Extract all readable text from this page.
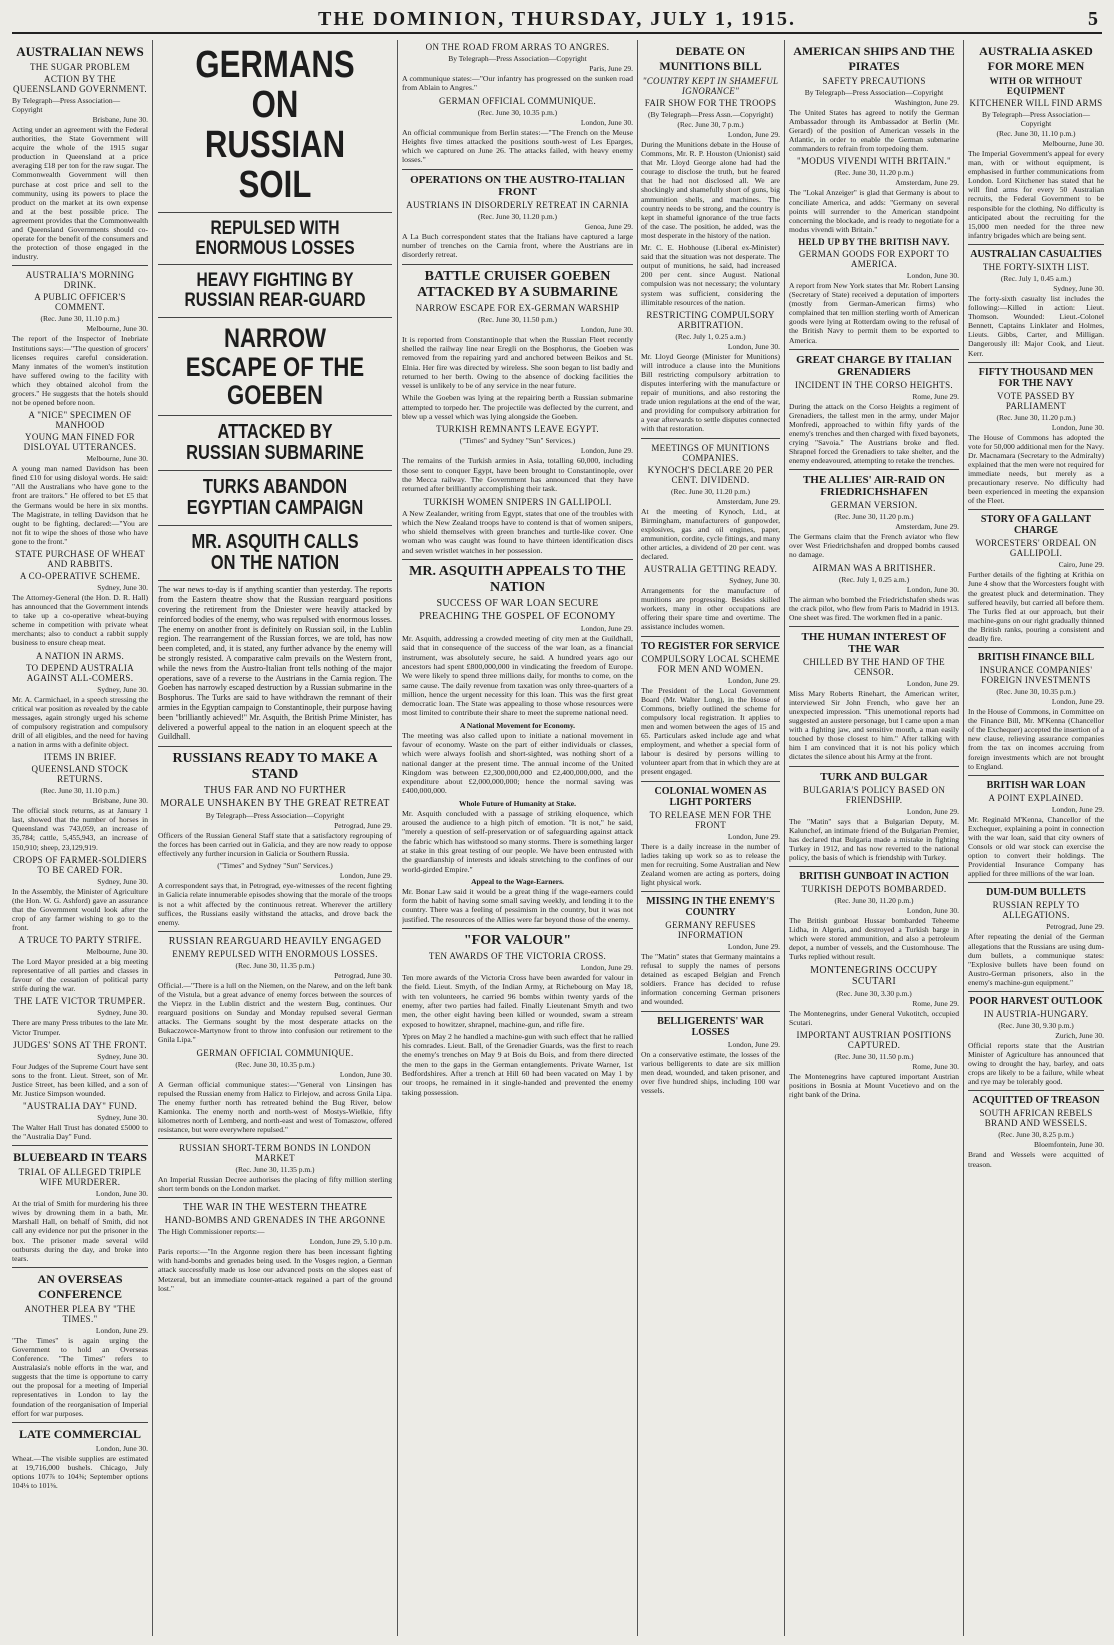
THE DOMINION, THURSDAY, JULY 1, 1915.	5
AUSTRALIAN NEWS
THE SUGAR PROBLEM
ACTION BY THE QUEENSLAND GOVERNMENT.
By Telegraph—Press Association—Copyright
Brisbane, June 30.
Acting under an agreement with the Federal authorities, the State Government will acquire the whole of the 1915 sugar production in Queensland at a price averaging £18 per ton for the raw sugar. The Commonwealth Government will then purchase at cost price and sell to the community, using its powers to place the product on the market at its own expense and at the best possible price. The agreement provides that the Commonwealth and Queensland Governments should co-operate for the benefit of the consumers and the protection of those engaged in the industry.
AUSTRALIA'S MORNING DRINK.
A PUBLIC OFFICER'S COMMENT.
(Rec. June 30, 11.10 p.m.)
Melbourne, June 30.
The report of the Inspector of Inebriate Institutions says:—"The question of grocers' licenses requires careful consideration. Many inmates of the women's institution have suffered owing to the facility with which they obtained alcohol from the grocers." He suggests that the hotels should not be opened before noon.
A "NICE" SPECIMEN OF MANHOOD
YOUNG MAN FINED FOR DISLOYAL UTTERANCES.
Melbourne, June 30.
A young man named Davidson has been fined £10 for using disloyal words. He said: "All the Australians who have gone to the front are traitors." He offered to bet £5 that the Germans would be here in six months. The Magistrate, in telling Davidson that he ought to be fighting, declared:—"You are not fit to wipe the shoes of those who have gone to the front."
STATE PURCHASE OF WHEAT AND RABBITS.
A CO-OPERATIVE SCHEME.
Sydney, June 30.
The Attorney-General (the Hon. D. R. Hall) has announced that the Government intends to take up a co-operative wheat-buying scheme in competition with private wheat merchants; also to conduct a rabbit supply business to ensure cheap meat.
A NATION IN ARMS.
TO DEPEND AUSTRALIA AGAINST ALL-COMERS.
Sydney, June 30.
Mr. A. Carmichael, in a speech stressing the critical war position as revealed by the cable messages, again strongly urged his scheme of compulsory registration and compulsory drill of all eligibles, and the need for having a nation in arms with a definite object.
ITEMS IN BRIEF.
QUEENSLAND STOCK RETURNS.
(Rec. June 30, 11.10 p.m.)
Brisbane, June 30.
The official stock returns, as at January 1 last, showed that the number of horses in Queensland was 743,059, an increase of 35,784; cattle, 5,455,943, an increase of 150,910; sheep, 23,129,919.
CROPS OF FARMER-SOLDIERS TO BE CARED FOR.
Sydney, June 30.
In the Assembly, the Minister of Agriculture (the Hon. W. G. Ashford) gave an assurance that the Government would look after the crop of any farmer wishing to go to the front.
A TRUCE TO PARTY STRIFE.
Melbourne, June 30.
The Lord Mayor presided at a big meeting representative of all parties and classes in favour of the cessation of political party strife during the war.
THE LATE VICTOR TRUMPER.
Sydney, June 30.
There are many Press tributes to the late Mr. Victor Trumper.
JUDGES' SONS AT THE FRONT.
Sydney, June 30.
Four Judges of the Supreme Court have sent sons to the front. Lieut. Street, son of Mr. Justice Street, has been killed, and a son of Mr. Justice Simpson wounded.
"AUSTRALIA DAY" FUND.
Sydney, June 30.
The Walter Hall Trust has donated £5000 to the "Australia Day" Fund.
BLUEBEARD IN TEARS
TRIAL OF ALLEGED TRIPLE WIFE MURDERER.
London, June 30.
At the trial of Smith for murdering his three wives by drowning them in a bath, Mr. Marshall Hall, on behalf of Smith, did not call any evidence nor put the prisoner in the box. The prisoner made several wild outbursts during the day, and broke into tears.
AN OVERSEAS CONFERENCE
ANOTHER PLEA BY "THE TIMES."
London, June 29.
"The Times" is again urging the Government to hold an Overseas Conference. "The Times" refers to Australasia's noble efforts in the war, and suggests that the time is opportune to carry out the proposal for a meeting of Imperial representatives in London to lay the foundation of the reorganisation of Imperial effort for war purposes.
LATE COMMERCIAL
London, June 30.
Wheat.—The visible supplies are estimated at 19,716,000 bushels. Chicago, July options 107⅞ to 104⅜; September options 104⅛ to 101⅜.
GERMANS ON RUSSIAN SOIL
REPULSED WITH ENORMOUS LOSSES
HEAVY FIGHTING BY RUSSIAN REAR-GUARD
NARROW ESCAPE OF THE GOEBEN
ATTACKED BY RUSSIAN SUBMARINE
TURKS ABANDON EGYPTIAN CAMPAIGN
MR. ASQUITH CALLS ON THE NATION
The war news to-day is if anything scantier than yesterday. The reports from the Eastern theatre show that the Russian rearguard positions covering the retirement from the Dniester were heavily attacked by reinforced bodies of the enemy, who was repulsed with enormous losses. The enemy on another front is definitely on Russian soil, in the Lublin region. The rearrangement of the Russian forces, we are told, has now been completed, and, it is stated, any further advance by the enemy will be strongly resisted. A comparative calm prevails on the Western front, while the news from the Austro-Italian front tells nothing of the major operations, save of a reverse to the Austrians in the Carnia region. The Goeben has narrowly escaped destruction by a Russian submarine in the Bosphorus. The Turks are said to have withdrawn the remnant of their armies in the Egyptian campaign to Constantinople, their purpose having been "brilliantly achieved!" Mr. Asquith, the British Prime Minister, has delivered a powerful appeal to the nation in an eloquent speech at the Guildhall.
RUSSIANS READY TO MAKE A STAND
THUS FAR AND NO FURTHER
MORALE UNSHAKEN BY THE GREAT RETREAT
By Telegraph—Press Association—Copyright
Petrograd, June 29.
Officers of the Russian General Staff state that a satisfactory regrouping of the forces has been carried out in Galicia, and they are now ready to oppose effectively any further incursion in Galicia or Southern Russia.
("Times" and Sydney "Sun" Services.)
London, June 29.
A correspondent says that, in Petrograd, eye-witnesses of the recent fighting in Galicia relate innumerable episodes showing that the morale of the troops is not a whit affected by the continuous retreat. Wherever the artillery suffices, the Russians easily withstand the attacks, and drove back the enemy.
RUSSIAN REARGUARD HEAVILY ENGAGED
ENEMY REPULSED WITH ENORMOUS LOSSES.
(Rec. June 30, 11.35 p.m.)
Petrograd, June 30.
Official.—"There is a lull on the Niemen, on the Narew, and on the left bank of the Vistula, but a great advance of enemy forces between the sources of the Vieprz in the Lublin district and the western Bug, continues. Our rearguard positions on Sunday and Monday repulsed several German attacks. The Germans sought by the most desperate attacks on the Bukaczowce-Martynow front to throw into confusion our retirement to the Gnila Lipa."
GERMAN OFFICIAL COMMUNIQUE.
(Rec. June 30, 10.35 p.m.)
London, June 30.
A German official communique states:—"General von Linsingen has repulsed the Russian enemy from Halicz to Firlejow, and across Gnila Lipa. The enemy further north has retreated behind the Bug River, below Kamionka. The enemy north and north-west of Mostys-Wielkie, fifty kilometres north of Lemberg, and north-east and west of Tomaszow, offered resistance, but were everywhere repulsed."
RUSSIAN SHORT-TERM BONDS IN LONDON MARKET
(Rec. June 30, 11.35 p.m.)
An Imperial Russian Decree authorises the placing of fifty million sterling short term bonds on the London market.
THE WAR IN THE WESTERN THEATRE
HAND-BOMBS AND GRENADES IN THE ARGONNE
The High Commissioner reports:—
London, June 29, 5.10 p.m.
Paris reports:—"In the Argonne region there has been incessant fighting with hand-bombs and grenades being used. In the Vosges region, a German attack successfully made us lose our advanced posts on the slopes east of Metzeral, but an immediate counter-attack regained a part of the ground lost."
ON THE ROAD FROM ARRAS TO ANGRES.
By Telegraph—Press Association—Copyright
Paris, June 29.
A communique states:—"Our infantry has progressed on the sunken road from Ablain to Angres."
GERMAN OFFICIAL COMMUNIQUE.
(Rec. June 30, 10.35 p.m.)
London, June 30.
An official communique from Berlin states:—"The French on the Meuse Heights five times attacked the positions south-west of Les Eparges, which we captured on June 26. The attacks failed, with heavy enemy losses."
OPERATIONS ON THE AUSTRO-ITALIAN FRONT
AUSTRIANS IN DISORDERLY RETREAT IN CARNIA
(Rec. June 30, 11.20 p.m.)
Genoa, June 29.
A La Buch correspondent states that the Italians have captured a large number of trenches on the Carnia front, where the Austrians are in disorderly retreat.
BATTLE CRUISER GOEBEN ATTACKED BY A SUBMARINE
NARROW ESCAPE FOR EX-GERMAN WARSHIP
(Rec. June 30, 11.50 p.m.)
London, June 30.
It is reported from Constantinople that when the Russian Fleet recently shelled the railway line near Eregli on the Bosphorus, the Goeben was removed from the repairing yard and anchored between Beikos and St. Elnia. Her fire was directed by wireless. She soon began to list badly and returned to her berth. Owing to the absence of docking facilities the vessel is unlikely to be of any service in the near future.
While the Goeben was lying at the repairing berth a Russian submarine attempted to torpedo her. The projectile was deflected by the current, and blew up a vessel which was lying alongside the Goeben.
TURKISH REMNANTS LEAVE EGYPT.
("Times" and Sydney "Sun" Services.)
London, June 29.
The remains of the Turkish armies in Asia, totalling 60,000, including those sent to conquer Egypt, have been brought to Constantinople, over the Mecca railway. The Government has announced that they have returned after brilliantly accomplishing their task.
TURKISH WOMEN SNIPERS IN GALLIPOLI.
A New Zealander, writing from Egypt, states that one of the troubles with which the New Zealand troops have to contend is that of women snipers, who shield themselves with green branches and turtle-like cover. One woman who was caught was found to have thirteen identification discs and seven wristlet watches in her possession.
MR. ASQUITH APPEALS TO THE NATION
SUCCESS OF WAR LOAN SECURE
PREACHING THE GOSPEL OF ECONOMY
London, June 29.
Mr. Asquith, addressing a crowded meeting of city men at the Guildhall, said that in consequence of the success of the war loan, as a financial instrument, was absolutely secure, he said. A hundred years ago our ancestors had spent £800,000,000 in vindicating the freedom of Europe. We were likely to spend three millions daily, for months to come, on the same cause. The daily revenue from taxation was only three-quarters of a million, hence the urgent necessity for this loan. This was the first great democratic loan. The State was appealing to those whose resources were most limited to contribute their share to meet the supreme national need.
A National Movement for Economy.
The meeting was also called upon to initiate a national movement in favour of economy. Waste on the part of either individuals or classes, which were always foolish and short-sighted, was nothing short of a national danger at the present time. The annual income of the United Kingdom was between £2,300,000,000 and £2,400,000,000, and the expenditure about £2,000,000,000; hence the normal saving was £400,000,000.
Whole Future of Humanity at Stake.
Mr. Asquith concluded with a passage of striking eloquence, which aroused the audience to a high pitch of emotion. "It is not," he said, "merely a question of self-preservation or of safeguarding against attack the fabric which has withstood so many storms. There is something larger at stake in this great testing of our people. We have been entrusted with the guardianship of interests and ideals stretching to the confines of our world-girded Empire."
Appeal to the Wage-Earners.
Mr. Bonar Law said it would be a great thing if the wage-earners could form the habit of having some small saving weekly, and lending it to the country. There was a feeling of pessimism in the country, but it was not justified. The resources of the Allies were far beyond those of the enemy.
"FOR VALOUR"
TEN AWARDS OF THE VICTORIA CROSS.
London, June 29.
Ten more awards of the Victoria Cross have been awarded for valour in the field. Lieut. Smyth, of the Indian Army, at Richebourg on May 18, with ten volunteers, he carried 96 bombs within twenty yards of the enemy, after two parties had failed. Finally Lieutenant Smyth and two men, the other eight having been killed or wounded, swam a stream exposed to howitzer, shrapnel, machine-gun, and rifle fire.
Ypres on May 2 he handled a machine-gun with such effect that he rallied his comrades. Lieut. Ball, of the Grenadier Guards, was the first to reach the enemy's trenches on May 9 at Bois du Bois, and from there directed the men to the gaps in the German entanglements. Private Warner, 1st Bedfordshires. After a trench at Hill 60 had been vacated on May 1 by our troops, he remained in it single-handed and prevented the enemy taking possession.
DEBATE ON MUNITIONS BILL
"COUNTRY KEPT IN SHAMEFUL IGNORANCE"
FAIR SHOW FOR THE TROOPS
(By Telegraph—Press Assn.—Copyright)
(Rec. June 30, 7 p.m.)
London, June 29.
During the Munitions debate in the House of Commons, Mr. R. P. Houston (Unionist) said that Mr. Lloyd George alone had had the courage to disclose the truth, but he feared that he had not disclosed all. We are shockingly and shamefully short of guns, big ammunition shells, and machines. The country needs to be strong, and the country is kept in shameful ignorance of the true facts of the case. The position, he added, was the most desperate in the history of the nation.
Mr. C. E. Hobhouse (Liberal ex-Minister) said that the situation was not desperate. The output of munitions, he said, had increased 200 per cent. since August. National compulsion was not necessary; the voluntary system was sufficient, considering the illimitable resources of the nation.
RESTRICTING COMPULSORY ARBITRATION.
(Rec. July 1, 0.25 a.m.)
London, June 30.
Mr. Lloyd George (Minister for Munitions) will introduce a clause into the Munitions Bill restricting compulsory arbitration to disputes interfering with the manufacture or repair of munitions, and also restoring the trade union regulations at the end of the war, and providing for compulsory arbitration for a year afterwards to settle disputes connected with that restoration.
MEETINGS OF MUNITIONS COMPANIES.
KYNOCH'S DECLARE 20 PER CENT. DIVIDEND.
(Rec. June 30, 11.20 p.m.)
Amsterdam, June 29.
At the meeting of Kynoch, Ltd., at Birmingham, manufacturers of gunpowder, explosives, gas and oil engines, paper, ammunition, cordite, cycle fittings, and many other articles, a dividend of 20 per cent. was declared.
AUSTRALIA GETTING READY.
Sydney, June 30.
Arrangements for the manufacture of munitions are progressing. Besides skilled workers, many in other occupations are offering their spare time and overtime. The assistance includes women.
TO REGISTER FOR SERVICE
COMPULSORY LOCAL SCHEME FOR MEN AND WOMEN.
London, June 29.
The President of the Local Government Board (Mr. Walter Long), in the House of Commons, briefly outlined the scheme for compulsory local registration. It applies to men and women between the ages of 15 and 65. Particulars asked include age and what employment, and whether a special form of labour is desired by persons willing to volunteer apart from that in which they are at present engaged.
COLONIAL WOMEN AS LIGHT PORTERS
TO RELEASE MEN FOR THE FRONT
London, June 29.
There is a daily increase in the number of ladies taking up work so as to release the men for recruiting. Some Australian and New Zealand women are acting as porters, doing light physical work.
MISSING IN THE ENEMY'S COUNTRY
GERMANY REFUSES INFORMATION
London, June 29.
The "Matin" states that Germany maintains a refusal to supply the names of persons detained as escaped Belgian and French soldiers. France has decided to refuse information concerning German prisoners and wounded.
BELLIGERENTS' WAR LOSSES
London, June 29.
On a conservative estimate, the losses of the various belligerents to date are six million men dead, wounded, and taken prisoner, and over five hundred ships, including 100 war vessels.
AMERICAN SHIPS AND THE PIRATES
SAFETY PRECAUTIONS
By Telegraph—Press Association—Copyright
Washington, June 29.
The United States has agreed to notify the German Ambassador through its Ambassador at Berlin (Mr. Gerard) of the position of American vessels in the Atlantic, in order to enable the German submarine commanders to refrain from torpedoing them.
"MODUS VIVENDI WITH BRITAIN."
(Rec. June 30, 11.20 p.m.)
Amsterdam, June 29.
The "Lokal Anzeiger" is glad that Germany is about to conciliate America, and adds: "Germany on several points will surrender to the American standpoint concerning the blockade, and is ready to negotiate for a modus vivendi with Britain."
HELD UP BY THE BRITISH NAVY.
GERMAN GOODS FOR EXPORT TO AMERICA.
London, June 30.
A report from New York states that Mr. Robert Lansing (Secretary of State) received a deputation of importers (mostly from German-American firms) who complained that ten million sterling worth of American goods were lying at Rotterdam owing to the refusal of the British Navy to permit them to be exported to America.
GREAT CHARGE BY ITALIAN GRENADIERS
INCIDENT IN THE CORSO HEIGHTS.
Rome, June 29.
During the attack on the Corso Heights a regiment of Grenadiers, the tallest men in the army, under Major Monfredi, approached to within fifty yards of the enemy's trenches and then charged with fixed bayonets, crying "Savoia." The Austrians broke and fled. Shrapnel forced the Grenadiers to take shelter, and the enemy endeavoured, attempting to retake the trenches.
THE ALLIES' AIR-RAID ON FRIEDRICHSHAFEN
GERMAN VERSION.
(Rec. June 30, 11.20 p.m.)
Amsterdam, June 29.
The Germans claim that the French aviator who flew over West Friedrichshafen and dropped bombs caused no damage.
AIRMAN WAS A BRITISHER.
(Rec. July 1, 0.25 a.m.)
London, June 30.
The airman who bombed the Friedrichshafen sheds was the crack pilot, who flew from Paris to Madrid in 1913. One sheet was fired. The workmen fled in a panic.
THE HUMAN INTEREST OF THE WAR
CHILLED BY THE HAND OF THE CENSOR.
London, June 29.
Miss Mary Roberts Rinehart, the American writer, interviewed Sir John French, who gave her an unexpected impression. "This unemotional reports had suggested an austere personage, but I came upon a man with a fighting jaw, and sensitive mouth, a man easily touched by those closest to him." After talking with him I am convinced that it is not his policy which dictates the silence about his Army at the front.
TURK AND BULGAR
BULGARIA'S POLICY BASED ON FRIENDSHIP.
London, June 29.
The "Matin" says that a Bulgarian Deputy, M. Kalunchef, an intimate friend of the Bulgarian Premier, has declared that Bulgaria made a mistake in fighting Turkey in 1912, and has now reverted to the national policy, the basis of which is friendship with Turkey.
BRITISH GUNBOAT IN ACTION
TURKISH DEPOTS BOMBARDED.
(Rec. June 30, 11.20 p.m.)
London, June 30.
The British gunboat Hussar bombarded Teheeme Lidha, in Algeria, and destroyed a Turkish barge in which were stored ammunition, and also a petroleum depot, a number of vessels, and the Customhouse. The Turks replied without result.
MONTENEGRINS OCCUPY SCUTARI
(Rec. June 30, 3.30 p.m.)
Rome, June 29.
The Montenegrins, under General Vukotitch, occupied Scutari.
IMPORTANT AUSTRIAN POSITIONS CAPTURED.
(Rec. June 30, 11.50 p.m.)
Rome, June 30.
The Montenegrins have captured important Austrian positions in Bosnia at Mount Vucetievo and on the right bank of the Drina.
AUSTRALIA ASKED FOR MORE MEN
WITH OR WITHOUT EQUIPMENT
KITCHENER WILL FIND ARMS
By Telegraph—Press Association—Copyright
(Rec. June 30, 11.10 p.m.)
Melbourne, June 30.
The Imperial Government's appeal for every man, with or without equipment, is emphasised in further communications from London. Lord Kitchener has stated that he will find arms for every 50 Australian recruits, the Federal Government to be responsible for the clothing. No difficulty is anticipated about the recruiting for the 15,000 men needed for the three new infantry brigades which are being sent.
AUSTRALIAN CASUALTIES
THE FORTY-SIXTH LIST.
(Rec. July 1, 0.45 a.m.)
Sydney, June 30.
The forty-sixth casualty list includes the following:—Killed in action: Lieut. Thomson. Wounded: Lieut.-Colonel Bennett, Captains Linklater and Holmes, Lieuts. Gibbs, Carter, and Milligan. Dangerously ill: Major Cook, and Lieut. Kerr.
FIFTY THOUSAND MEN FOR THE NAVY
VOTE PASSED BY PARLIAMENT
(Rec. June 30, 11.20 p.m.)
London, June 30.
The House of Commons has adopted the vote for 50,000 additional men for the Navy. Dr. Macnamara (Secretary to the Admiralty) explained that the men were not required for immediate needs, but merely as a precautionary reserve. No difficulty had been experienced in meeting the expansion of the Fleet.
STORY OF A GALLANT CHARGE
WORCESTERS' ORDEAL ON GALLIPOLI.
Cairo, June 29.
Further details of the fighting at Krithia on June 4 show that the Worcesters fought with the greatest pluck and determination. They suffered heavily, but carried all before them. The Turks fled at our approach, but their machine-guns on our right gradually thinned the British ranks, pouring a consistent and deadly fire.
BRITISH FINANCE BILL
INSURANCE COMPANIES' FOREIGN INVESTMENTS
(Rec. June 30, 10.35 p.m.)
London, June 29.
In the House of Commons, in Committee on the Finance Bill, Mr. M'Kenna (Chancellor of the Exchequer) accepted the insertion of a new clause, relieving assurance companies from the tax on incomes accruing from foreign investments which are not brought to England.
BRITISH WAR LOAN
A POINT EXPLAINED.
London, June 29.
Mr. Reginald M'Kenna, Chancellor of the Exchequer, explaining a point in connection with the war loan, said that city owners of Consols or old war stock can exercise the option to convert their holdings. The Providential Insurance Company has applied for three millions of the war loan.
DUM-DUM BULLETS
RUSSIAN REPLY TO ALLEGATIONS.
Petrograd, June 29.
After repeating the denial of the German allegations that the Russians are using dum-dum bullets, a communique states: "Explosive bullets have been found on Austro-German prisoners, also in the enemy's machine-gun equipment."
POOR HARVEST OUTLOOK
IN AUSTRIA-HUNGARY.
(Rec. June 30, 9.30 p.m.)
Zurich, June 30.
Official reports state that the Austrian Minister of Agriculture has announced that owing to drought the hay, barley, and oats crops are likely to be a failure, while wheat and rye may be tolerably good.
ACQUITTED OF TREASON
SOUTH AFRICAN REBELS BRAND AND WESSELS.
(Rec. June 30, 8.25 p.m.)
Bloemfontein, June 30.
Brand and Wessels were acquitted of treason.
